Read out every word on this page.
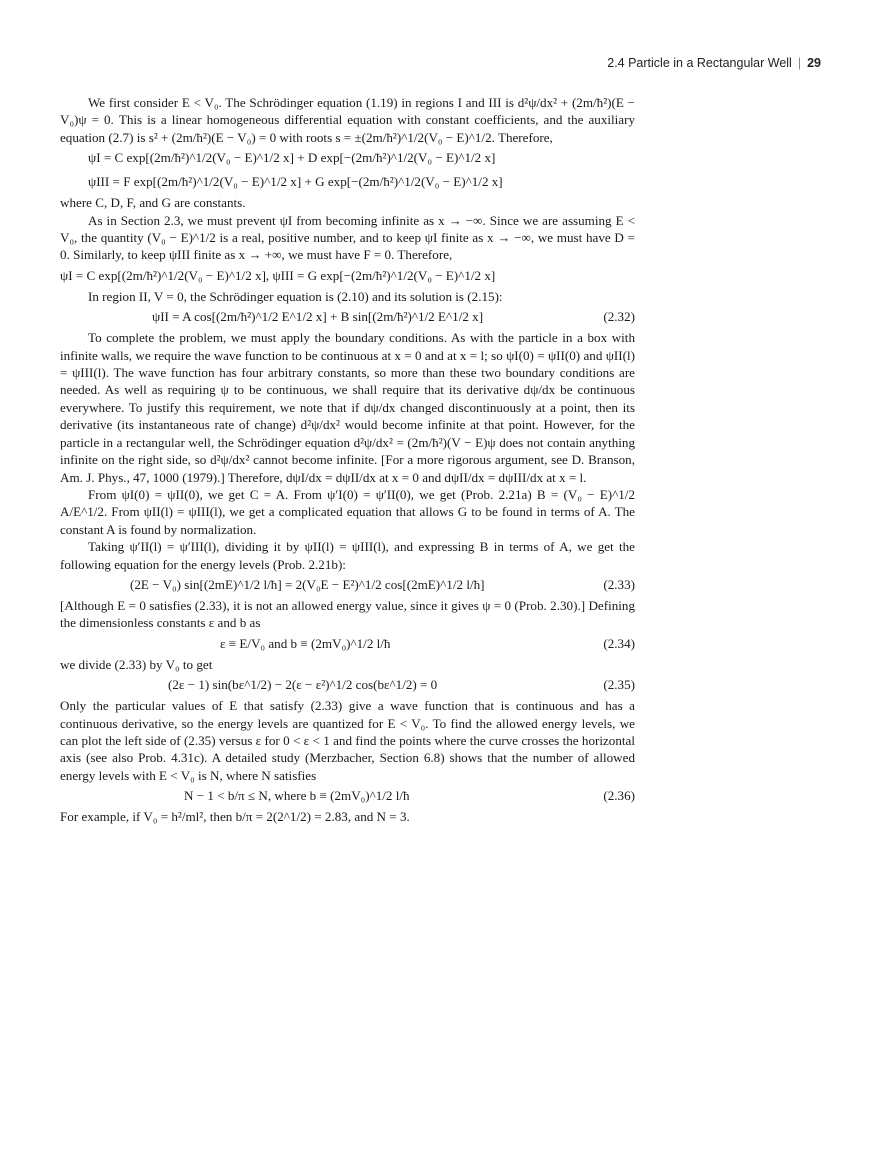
2.4 Particle in a Rectangular Well | 29

We first consider E < V₀. The Schrödinger equation (1.19) in regions I and III is d²ψ/dx² + (2m/ħ²)(E − V₀)ψ = 0. This is a linear homogeneous differential equation with constant coefficients, and the auxiliary equation (2.7) is s² + (2m/ħ²)(E − V₀) = 0 with roots s = ±(2m/ħ²)^1/2(V₀ − E)^1/2. Therefore,

ψI = C exp[(2m/ħ²)^1/2(V₀ − E)^1/2 x] + D exp[−(2m/ħ²)^1/2(V₀ − E)^1/2 x]
ψIII = F exp[(2m/ħ²)^1/2(V₀ − E)^1/2 x] + G exp[−(2m/ħ²)^1/2(V₀ − E)^1/2 x]

where C, D, F, and G are constants.

As in Section 2.3, we must prevent ψI from becoming infinite as x → −∞. Since we are assuming E < V₀, the quantity (V₀ − E)^1/2 is a real, positive number, and to keep ψI finite as x → −∞, we must have D = 0. Similarly, to keep ψIII finite as x → +∞, we must have F = 0. Therefore,

ψI = C exp[(2m/ħ²)^1/2(V₀ − E)^1/2 x], ψIII = G exp[−(2m/ħ²)^1/2(V₀ − E)^1/2 x]

In region II, V = 0, the Schrödinger equation is (2.10) and its solution is (2.15):

ψII = A cos[(2m/ħ²)^1/2 E^1/2 x] + B sin[(2m/ħ²)^1/2 E^1/2 x]	(2.32)

To complete the problem, we must apply the boundary conditions. As with the particle in a box with infinite walls, we require the wave function to be continuous at x = 0 and at x = l; so ψI(0) = ψII(0) and ψII(l) = ψIII(l). The wave function has four arbitrary constants, so more than these two boundary conditions are needed. As well as requiring ψ to be continuous, we shall require that its derivative dψ/dx be continuous everywhere. To justify this requirement, we note that if dψ/dx changed discontinuously at a point, then its derivative (its instantaneous rate of change) d²ψ/dx² would become infinite at that point. However, for the particle in a rectangular well, the Schrödinger equation d²ψ/dx² = (2m/ħ²)(V − E)ψ does not contain anything infinite on the right side, so d²ψ/dx² cannot become infinite. [For a more rigorous argument, see D. Branson, Am. J. Phys., 47, 1000 (1979).] Therefore, dψI/dx = dψII/dx at x = 0 and dψII/dx = dψIII/dx at x = l.

From ψI(0) = ψII(0), we get C = A. From ψ′I(0) = ψ′II(0), we get (Prob. 2.21a) B = (V₀ − E)^1/2 A/E^1/2. From ψII(l) = ψIII(l), we get a complicated equation that allows G to be found in terms of A. The constant A is found by normalization.

Taking ψ′II(l) = ψ′III(l), dividing it by ψII(l) = ψIII(l), and expressing B in terms of A, we get the following equation for the energy levels (Prob. 2.21b):

(2E − V₀) sin[(2mE)^1/2 l/ħ] = 2(V₀E − E²)^1/2 cos[(2mE)^1/2 l/ħ]	(2.33)

[Although E = 0 satisfies (2.33), it is not an allowed energy value, since it gives ψ = 0 (Prob. 2.30).] Defining the dimensionless constants ε and b as

ε ≡ E/V₀ and b ≡ (2mV₀)^1/2 l/ħ	(2.34)

we divide (2.33) by V₀ to get

(2ε − 1) sin(bε^1/2) − 2(ε − ε²)^1/2 cos(bε^1/2) = 0	(2.35)

Only the particular values of E that satisfy (2.33) give a wave function that is continuous and has a continuous derivative, so the energy levels are quantized for E < V₀. To find the allowed energy levels, we can plot the left side of (2.35) versus ε for 0 < ε < 1 and find the points where the curve crosses the horizontal axis (see also Prob. 4.31c). A detailed study (Merzbacher, Section 6.8) shows that the number of allowed energy levels with E < V₀ is N, where N satisfies

N − 1 < b/π ≤ N, where b ≡ (2mV₀)^1/2 l/ħ	(2.36)

For example, if V₀ = h²/ml², then b/π = 2(2^1/2) = 2.83, and N = 3.
